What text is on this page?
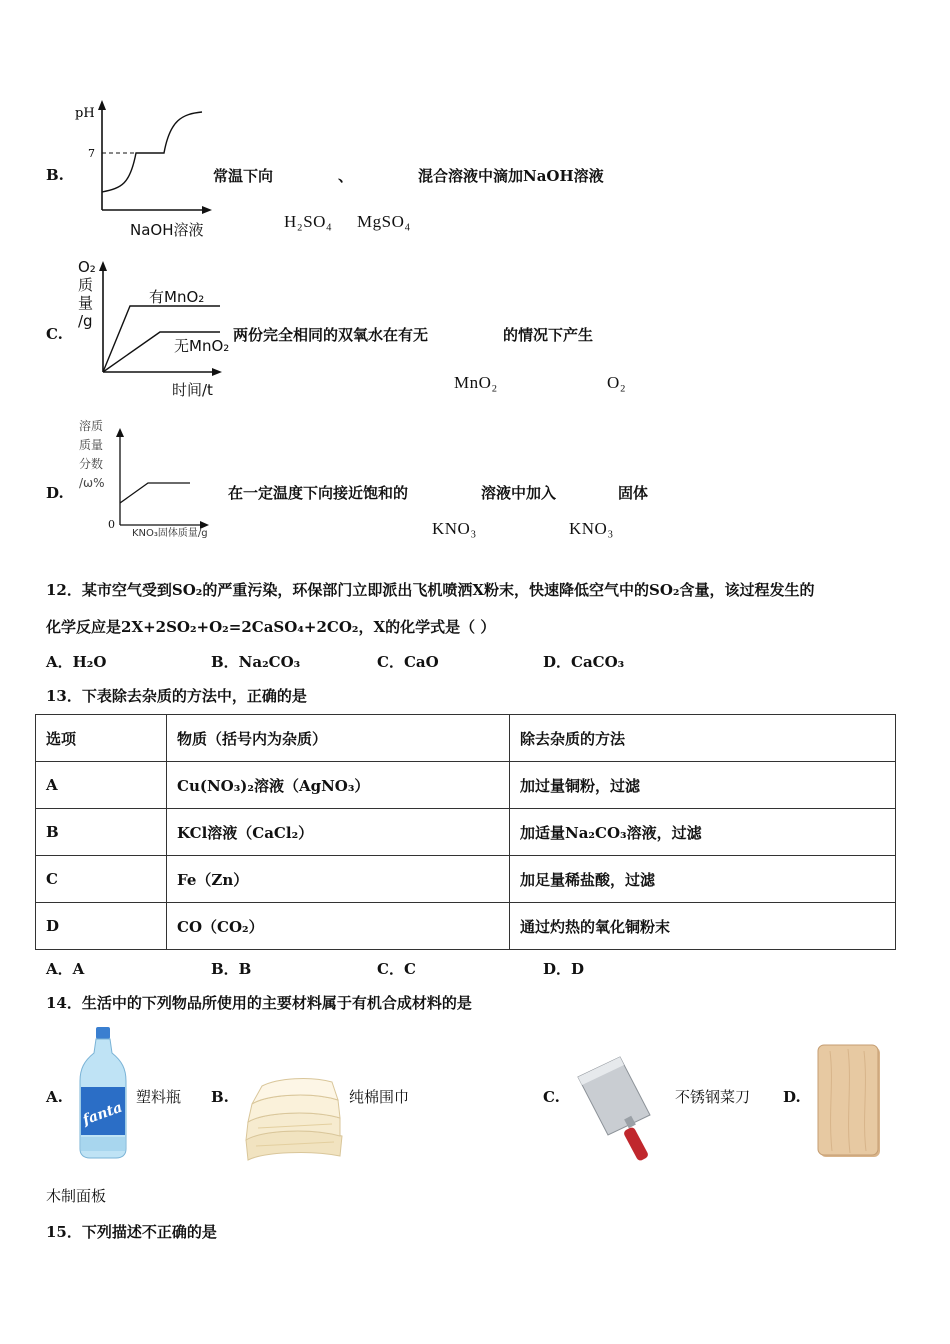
pH
7
NaOH溶液
B.	常温下向	、	混合溶液中滴加NaOH溶液
H₂SO₄ MgSO₄
O₂
质
量
/g
有MnO₂
无MnO₂
时间/t
C.	两份完全相同的双氧水在有无	的情况下产生
MnO₂	O₂
溶质
质量
分数
/ω%
0
KNO₃固体质量/g
D.	在一定温度下向接近饱和的	溶液中加入	固体
KNO₃	KNO₃
12．某市空气受到SO₂的严重污染，环保部门立即派出飞机喷洒X粉末，快速降低空气中的SO₂含量，该过程发生的
化学反应是2X+2SO₂+O₂=2CaSO₄+2CO₂，X的化学式是（ ）
A．H₂O	B．Na₂CO₃	C．CaO	D．CaCO₃
13．下表除去杂质的方法中，正确的是
选项	物质（括号内为杂质）	除去杂质的方法
A	Cu(NO₃)₂溶液（AgNO₃）	加过量铜粉，过滤
B	KCl溶液（CaCl₂）	加适量Na₂CO₃溶液，过滤
C	Fe（Zn）	加足量稀盐酸，过滤
D	CO（CO₂）	通过灼热的氧化铜粉末
A．A	B．B	C．C	D．D
14．生活中的下列物品所使用的主要材料属于有机合成材料的是
A.
fanta
塑料瓶 B.	纯棉围巾	C.	不锈钢菜刀 D.
木制面板
15．下列描述不正确的是
